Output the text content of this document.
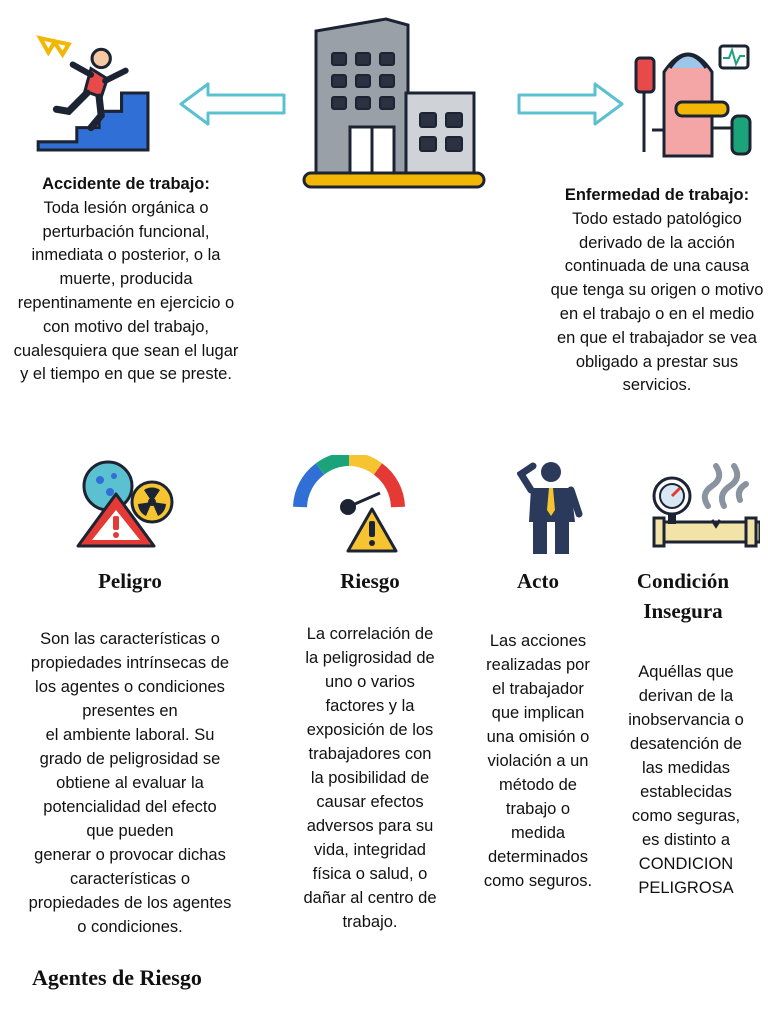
Accidente de trabajo:
Toda lesión orgánica o perturbación funcional, inmediata o posterior, o la muerte, producida repentinamente en ejercicio o con motivo del trabajo, cualesquiera que sean el lugar y el tiempo en que se preste.
Enfermedad de trabajo:
Todo estado patológico derivado de la acción continuada de una causa que tenga su origen o motivo en el trabajo o en el medio en que el trabajador se vea obligado a prestar sus servicios.
Peligro	Riesgo	Acto	Condición
Insegura
Son las características o
propiedades intrínsecas de
los agentes o condiciones
presentes en
el ambiente laboral. Su
grado de peligrosidad se
obtiene al evaluar la
potencialidad del efecto
que pueden
generar o provocar dichas
características o
propiedades de los agentes
o condiciones.
La correlación de
la peligrosidad de
uno o varios
factores y la
exposición de los
trabajadores con
la posibilidad de
causar efectos
adversos para su
vida, integridad
física o salud, o
dañar al centro de
trabajo.
Las acciones
realizadas por
el trabajador
que implican
una omisión o
violación a un
método de
trabajo o
medida
determinados
como seguros.
Aquéllas que
derivan de la
inobservancia o
desatención de
las medidas
establecidas
como seguras,
es distinto a
CONDICION
PELIGROSA
Agentes de Riesgo
